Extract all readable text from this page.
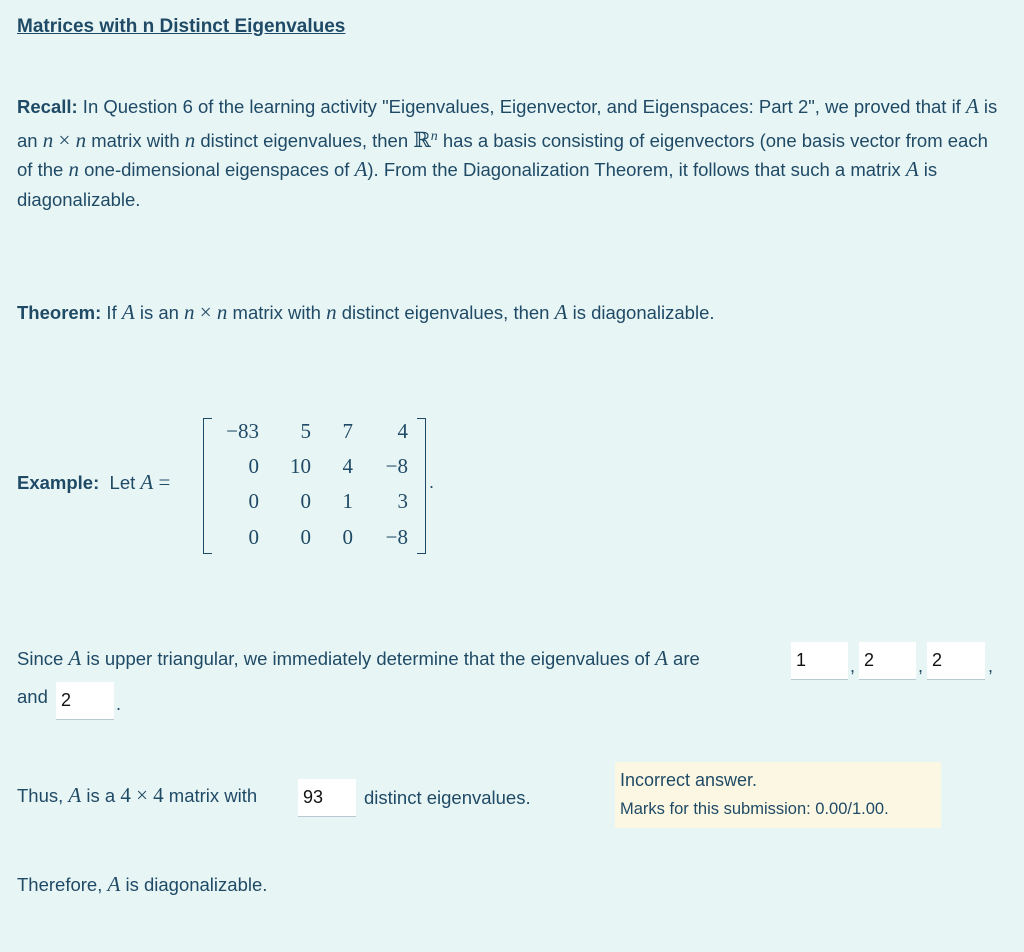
Matrices with n Distinct Eigenvalues
Recall: In Question 6 of the learning activity "Eigenvalues, Eigenvector, and Eigenspaces: Part 2", we proved that if A is an n × n matrix with n distinct eigenvalues, then ℝ$^n$ has a basis consisting of eigenvectors (one basis vector from each of the n one-dimensional eigenspaces of A). From the Diagonalization Theorem, it follows that such a matrix A is diagonalizable.
Theorem: If A is an n × n matrix with n distinct eigenvalues, then A is diagonalizable.
Example: Let A =
−83	5	7	4
0	10	4	−8
0	0	1	3
0	0	0	−8
.
Since A is upper triangular, we immediately determine that the eigenvalues of A are	1	, 2	, 2	,
and 2	.
Thus, A is a 4 × 4 matrix with	93	distinct eigenvalues.
Incorrect answer.
Marks for this submission: 0.00/1.00.
Therefore, A is diagonalizable.
